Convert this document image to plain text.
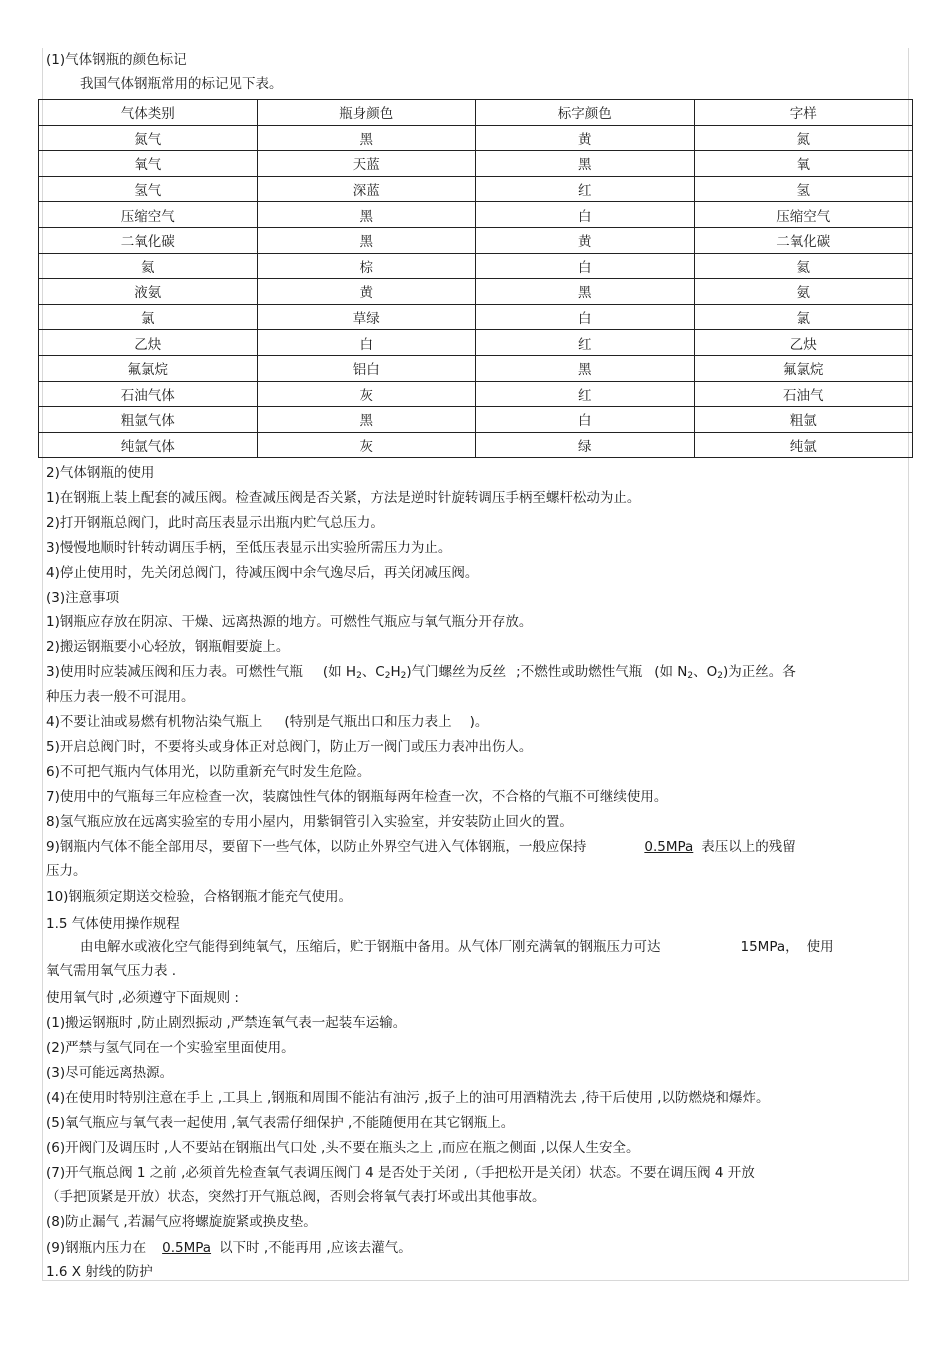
(1)气体钢瓶的颜色标记
我国气体钢瓶常用的标记见下表。
气体类别	瓶身颜色	标字颜色	字样
氮气	黑	黄	氮
氧气	天蓝	黑	氧
氢气	深蓝	红	氢
压缩空气	黑	白	压缩空气
二氧化碳	黑	黄	二氧化碳
氦	棕	白	氦
液氨	黄	黑	氨
氯	草绿	白	氯
乙炔	白	红	乙炔
氟氯烷	铝白	黑	氟氯烷
石油气体	灰	红	石油气
粗氩气体	黑	白	粗氩
纯氩气体	灰	绿	纯氩
2)气体钢瓶的使用
1)在钢瓶上装上配套的减压阀。检查减压阀是否关紧，方法是逆时针旋转调压手柄至螺杆松动为止。
2)打开钢瓶总阀门，此时高压表显示出瓶内贮气总压力。
3)慢慢地顺时针转动调压手柄，至低压表显示出实验所需压力为止。
4)停止使用时，先关闭总阀门，待减压阀中余气逸尽后，再关闭减压阀。
(3)注意事项
1)钢瓶应存放在阴凉、干燥、远离热源的地方。可燃性气瓶应与氧气瓶分开存放。
2)搬运钢瓶要小心轻放，钢瓶帽要旋上。
3)使用时应装减压阀和压力表。可燃性气瓶 (如 $H_2$、$C_2H_2$)气门螺丝为反丝 ;不燃性或助燃性气瓶 (如 $N_2$、$O_2$)为正丝。各
种压力表一般不可混用。
4)不要让油或易燃有机物沾染气瓶上 (特别是气瓶出口和压力表上 )。
5)开启总阀门时，不要将头或身体正对总阀门，防止万一阀门或压力表冲出伤人。
6)不可把气瓶内气体用光，以防重新充气时发生危险。
7)使用中的气瓶每三年应检查一次，装腐蚀性气体的钢瓶每两年检查一次，不合格的气瓶不可继续使用。
8)氢气瓶应放在远离实验室的专用小屋内，用紫铜管引入实验室，并安装防止回火的置。
9)钢瓶内气体不能全部用尽，要留下一些气体，以防止外界空气进入气体钢瓶，一般应保持	0.5MPa 表压以上的残留
压力。
10)钢瓶须定期送交检验，合格钢瓶才能充气使用。
1.5 气体使用操作规程
由电解水或液化空气能得到纯氧气，压缩后，贮于钢瓶中备用。从气体厂刚充满氧的钢瓶压力可达	15MPa， 使用
氧气需用氧气压力表 .
使用氧气时 ,必须遵守下面规则 :
(1)搬运钢瓶时 ,防止剧烈振动 ,严禁连氧气表一起装车运输。
(2)严禁与氢气同在一个实验室里面使用。
(3)尽可能远离热源。
(4)在使用时特别注意在手上 ,工具上 ,钢瓶和周围不能沾有油污 ,扳子上的油可用酒精洗去 ,待干后使用 ,以防燃烧和爆炸。
(5)氧气瓶应与氧气表一起使用 ,氧气表需仔细保护 ,不能随便用在其它钢瓶上。
(6)开阀门及调压时 ,人不要站在钢瓶出气口处 ,头不要在瓶头之上 ,而应在瓶之侧面 ,以保人生安全。
(7)开气瓶总阀 1 之前 ,必须首先检查氧气表调压阀门 4 是否处于关闭 ,（手把松开是关闭）状态。不要在调压阀 4 开放
（手把顶紧是开放）状态，突然打开气瓶总阀，否则会将氧气表打坏或出其他事故。
(8)防止漏气 ,若漏气应将螺旋旋紧或换皮垫。
(9)钢瓶内压力在 0.5MPa 以下时 ,不能再用 ,应该去灌气。
1.6 X 射线的防护
